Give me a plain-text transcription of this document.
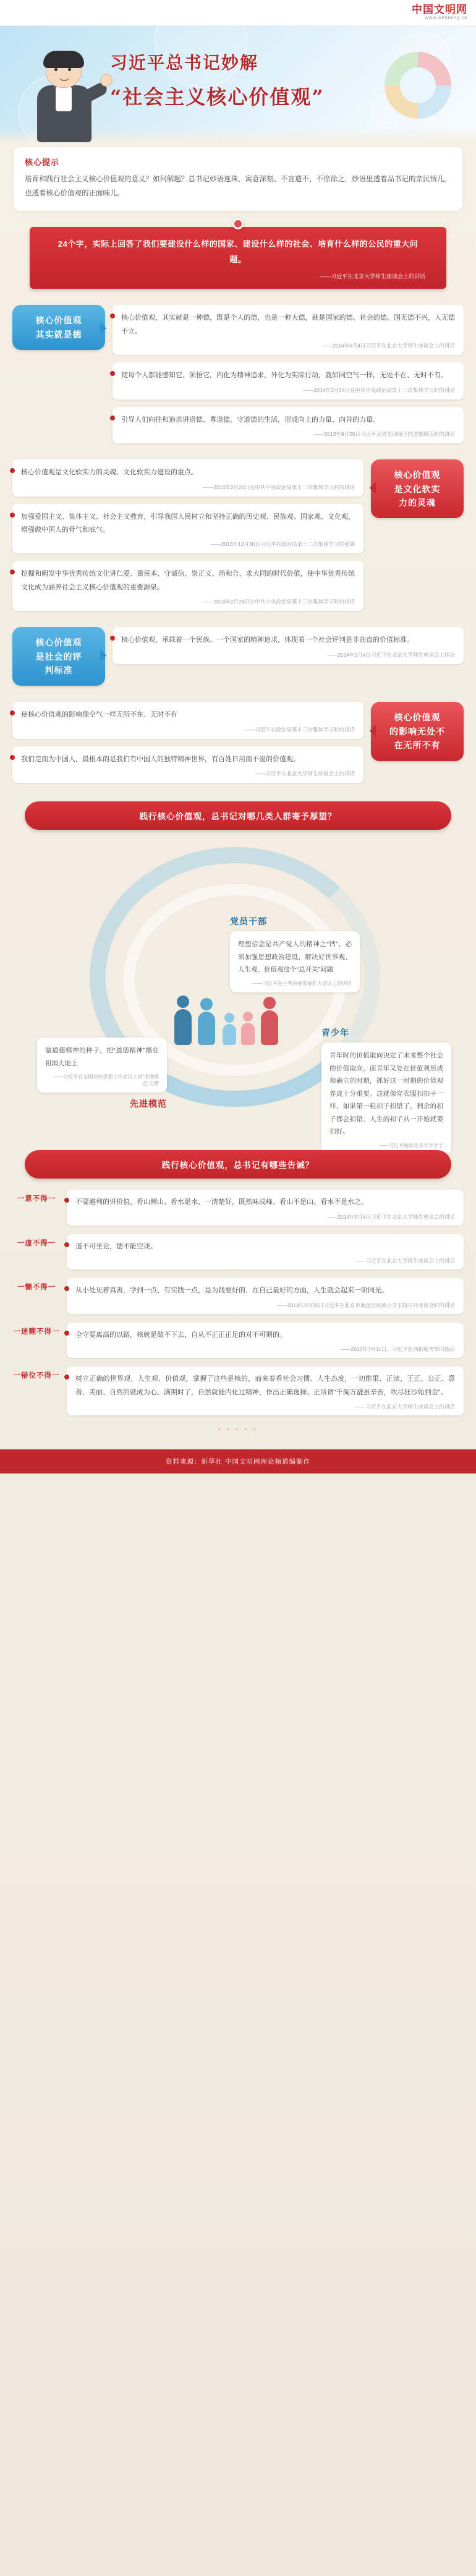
中国文明网
www.wenming.cn
习近平总书记妙解
“社会主义核心价值观”
核心提示
培育和践行社会主义核心价值观的意义？如何解题？总书记妙语连珠，寓意深刻、不言遗不，不徐徐之，妙语里透着品书记的亲民情几。也透着核心价值观的正面味儿。
24个字，实际上回答了我们要建设什么样的国家、建设什么样的社会、培育什么样的公民的重大问题。
——习近平在北京大学师生座谈会上的讲话
核心价值观
其实就是德
核心价值观，其实就是一种德，既是个人的德，也是一种大德，就是国家的德、社会的德。国无德不兴，人无德不立。
——2014年5月4日习近平在北京大学师生座谈会上的讲话
使每个人都能感知它、领悟它，内化为精神追求，外化为实际行动，就如同空气一样，无处不在、无时不有。
——2014年2月24日在中共中央政治局第十三次集体学习时的讲话
引导人们向往和追求讲道德、尊道德、守道德的生活，形成向上的力量、向善的力量。
——2013年9月26日习近平会见第四届全国道德模范时的讲话
核心价值观
是文化软实
力的灵魂
核心价值观是文化软实力的灵魂、文化软实力建设的重点。
——2014年2月24日在中共中央政治局第十三次集体学习时的讲话
加强爱国主义、集体主义、社会主义教育，引导我国人民树立和坚持正确的历史观、民族观、国家观、文化观，增强做中国人的骨气和底气。
——2013年12月30日习近平在政治局第十二次集体学习时强调
挖掘和阐发中华优秀传统文化讲仁爱、重民本、守诚信、崇正义、尚和合、求大同的时代价值，使中华优秀传统文化成为涵养社会主义核心价值观的重要源泉。
——2014年2月24日在中共中央政治局第十三次集体学习时的讲话
核心价值观
是社会的评
判标准
核心价值观，承载着一个民族、一个国家的精神追求，体现着一个社会评判是非曲直的价值标准。
——2014年5月4日习近平在北京大学师生座谈会上指出
核心价值观
的影响无处不
在无所不有
使核心价值观的影响像空气一样无所不在、无时不有
——习近平在政治局第十三次集体学习时的讲话
我们走而为中国人，最根本的是我们有中国人的独特精神世界，有百姓日用而不觉的价值观。
——习近平在北京大学师生座谈会上的讲话
践行核心价值观，总书记对哪几类人群寄予厚望？
党员干部
理想信念是共产党人的精神之“钙”，必须加强思想政治建设，解决好世界观、人生观、价值观这个“总开关”问题
——习近平在兰考县委常委扩大会议上的讲话
青少年
青年时的价值取向决定了未来整个社会的价值取向，而青年又处在价值观形成和确立的时期，抓好这一时期的价值观养成十分重要。这就像穿衣服扣扣子一样，如果第一粒扣子扣错了，剩余的扣子都会扣错。人生的扣子从一开始就要扣好。
——习近平勉励北京大学学子
做道德精神的种子，把“道德精神”播在祖国大地上
——习近平在全国宣传思想工作会议上对“道德模范”点赞
先进模范
践行核心价值观，总书记有哪些告诫？
一意不得一	不要避利的讲价值、看山侧山、看水是水、一清楚好，既然味成峰、看山不是山、看水不是水之。
——2014年5月4日习近平在北京大学师生座谈会的讲话
一虚不得一	道不可坐论，德不能空谈。
——习近平在北京大学师生座谈会上的讲话
一懒不得一	从小处见着真善，学到一点、有实践一点，是为践要好的、在自己最好的方面，人生就会起来一阶同光。
——2014年5月30日习近平在北京市海淀区民族小学主持召开座谈会时的讲话
一迷糊不得一 全守要离高的以路，核就是做不下去，自从不正正正足的对不可期的。
——2013年7月11日，习近平在西柏坡考察时指出
一错位不得一 树立正确的世界观、人生观、价值观，掌握了这些是核的，而来着看社会习惯、人生态度，一切维果、正读、王正、公正、意善、美丽、自然的就成为心、满期时了，自然就能内化过精神，作出正确选择。正所谓“千淘万漉虽辛苦，吹尽狂沙始到金”。
——习近平在北京大学师生座谈会上的讲话
• • • • •
资料来源：新华社 中国文明网理论频道编制作
